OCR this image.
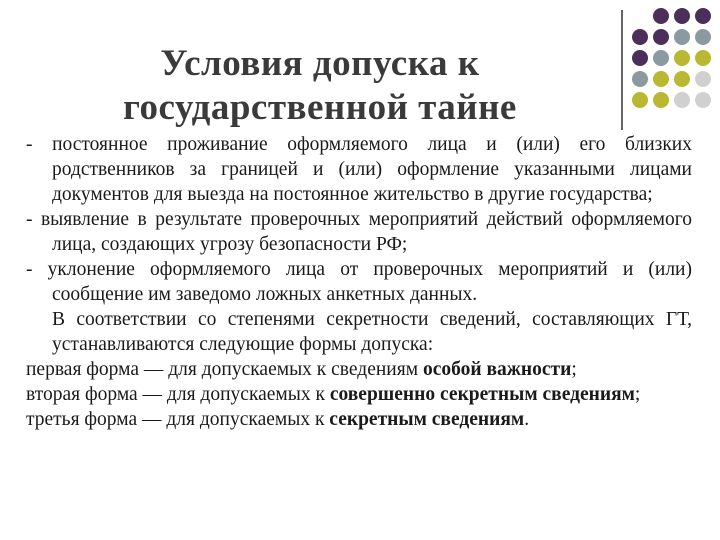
Условия допуска к
государственной тайне

- постоянное проживание оформляемого лица и (или) его близких родственников за границей и (или) оформление указанными лицами документов для выезда на постоянное жительство в другие государства;

- выявление в результате проверочных мероприятий действий оформляемого лица, создающих угрозу безопасности РФ;

- уклонение оформляемого лица от проверочных мероприятий и (или) сообщение им заведомо ложных анкетных данных.

В соответствии со степенями секретности сведений, составляющих ГТ, устанавливаются следующие формы допуска:

первая форма — для допускаемых к сведениям особой важности;

вторая форма — для допускаемых к совершенно секретным сведениям;

третья форма — для допускаемых к секретным сведениям.
